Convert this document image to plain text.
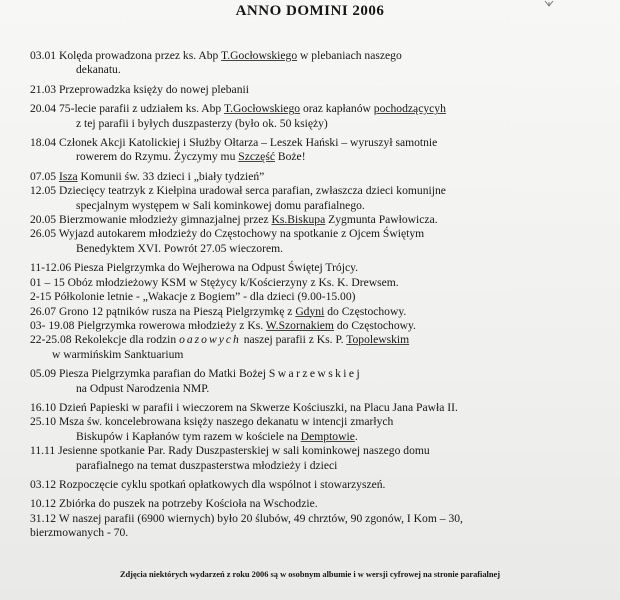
ANNO DOMINI 2006
03.01 Kolęda prowadzona przez ks. Abp T.Gocłowskiego w plebaniach naszego
dekanatu.
21.03 Przeprowadzka księży do nowej plebanii
20.04 75-lecie parafii z udziałem ks. Abp T.Gocłowskiego oraz kapłanów pochodzącycyh
z tej parafii i byłych duszpasterzy (było ok. 50 księży)
18.04 Członek Akcji Katolickiej i Służby Ołtarza – Leszek Hański – wyruszył samotnie
rowerem do Rzymu. Życzymy mu Szczęść Boże!
07.05 Isza Komunii św. 33 dzieci i „biały tydzień”
12.05 Dziecięcy teatrzyk z Kiełpina uradował serca parafian, zwłaszcza dzieci komunijne
specjalnym występem w Sali kominkowej domu parafialnego.
20.05 Bierzmowanie młodzieży gimnazjalnej przez Ks.Biskupa Zygmunta Pawłowicza.
26.05 Wyjazd autokarem młodzieży do Częstochowy na spotkanie z Ojcem Świętym
Benedyktem XVI. Powrót 27.05 wieczorem.
11-12.06 Piesza Pielgrzymka do Wejherowa na Odpust Świętej Trójcy.
01 – 15 Obóz młodzieżowy KSM w Stężycy k/Kościerzyny z Ks. K. Drewsem.
2-15 Półkolonie letnie - „Wakacje z Bogiem” - dla dzieci (9.00-15.00)
26.07 Grono 12 pątników rusza na Pieszą Pielgrzymkę z Gdyni do Częstochowy.
03- 19.08 Pielgrzymka rowerowa młodzieży z Ks. W.Szornakiem do Częstochowy.
22-25.08 Rekolekcje dla rodzin oazowych naszej parafii z Ks. P. Topolewskim
w warmińskim Sanktuarium
05.09 Piesza Pielgrzymka parafian do Matki Bożej Swarzewskiej
na Odpust Narodzenia NMP.
16.10 Dzień Papieski w parafii i wieczorem na Skwerze Kościuszki, na Placu Jana Pawła II.
25.10 Msza św. koncelebrowana księży naszego dekanatu w intencji zmarłych
Biskupów i Kapłanów tym razem w kościele na Demptowie.
11.11 Jesienne spotkanie Par. Rady Duszpasterskiej w sali kominkowej naszego domu
parafialnego na temat duszpasterstwa młodzieży i dzieci
03.12 Rozpoczęcie cyklu spotkań opłatkowych dla wspólnot i stowarzyszeń.
10.12 Zbiórka do puszek na potrzeby Kościoła na Wschodzie.
31.12 W naszej parafii (6900 wiernych) było 20 ślubów, 49 chrztów, 90 zgonów, I Kom – 30,
bierzmowanych - 70.
Zdjęcia niektórych wydarzeń z roku 2006 są w osobnym albumie i w wersji cyfrowej na stronie parafialnej
